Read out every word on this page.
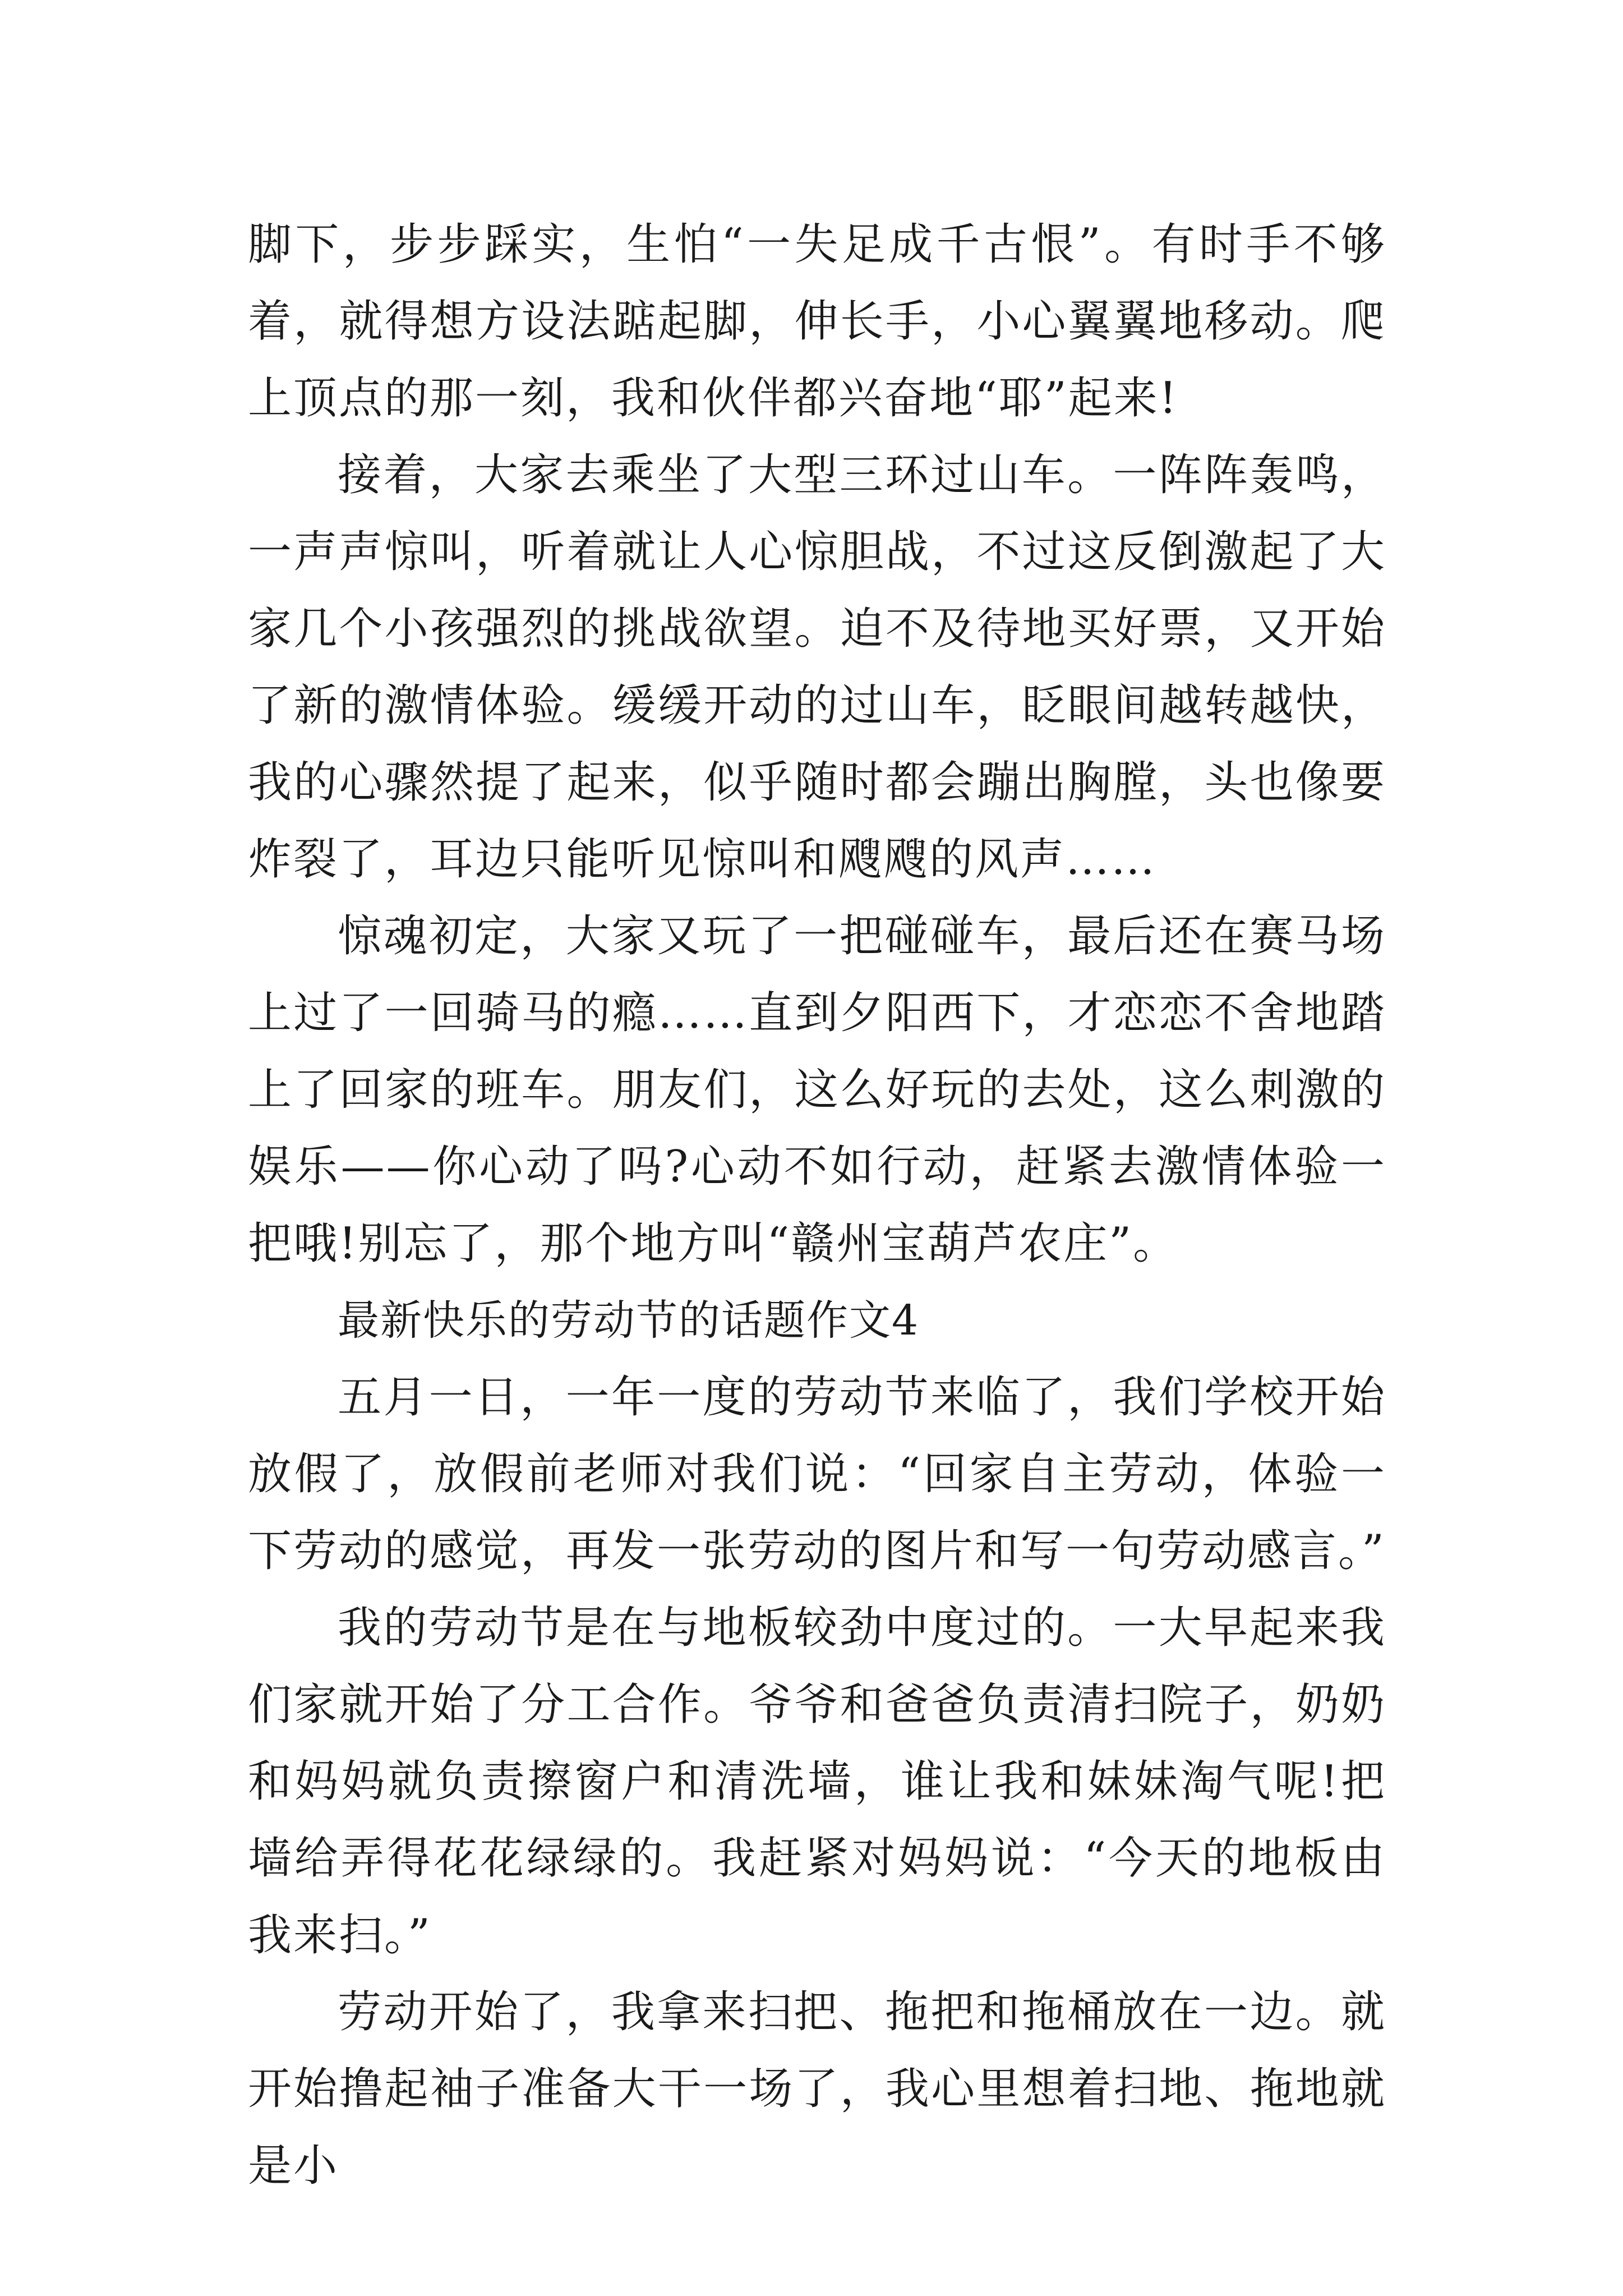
脚下，步步踩实，生怕“一失足成千古恨”。有时手不够着，就得想方设法踮起脚，伸长手，小心翼翼地移动。爬上顶点的那一刻，我和伙伴都兴奋地“耶”起来!

接着，大家去乘坐了大型三环过山车。一阵阵轰鸣，一声声惊叫，听着就让人心惊胆战，不过这反倒激起了大家几个小孩强烈的挑战欲望。迫不及待地买好票，又开始了新的激情体验。缓缓开动的过山车，眨眼间越转越快，我的心骤然提了起来，似乎随时都会蹦出胸膛，头也像要炸裂了，耳边只能听见惊叫和飕飕的风声……

惊魂初定，大家又玩了一把碰碰车，最后还在赛马场上过了一回骑马的瘾……直到夕阳西下，才恋恋不舍地踏上了回家的班车。朋友们，这么好玩的去处，这么刺激的娱乐——你心动了吗?心动不如行动，赶紧去激情体验一把哦!别忘了，那个地方叫“赣州宝葫芦农庄”。

最新快乐的劳动节的话题作文4

五月一日，一年一度的劳动节来临了，我们学校开始放假了，放假前老师对我们说：“回家自主劳动，体验一下劳动的感觉，再发一张劳动的图片和写一句劳动感言。”

我的劳动节是在与地板较劲中度过的。一大早起来我们家就开始了分工合作。爷爷和爸爸负责清扫院子，奶奶和妈妈就负责擦窗户和清洗墙，谁让我和妹妹淘气呢!把墙给弄得花花绿绿的。我赶紧对妈妈说：“今天的地板由我来扫。”

劳动开始了，我拿来扫把、拖把和拖桶放在一边。就开始撸起袖子准备大干一场了，我心里想着扫地、拖地就是小
